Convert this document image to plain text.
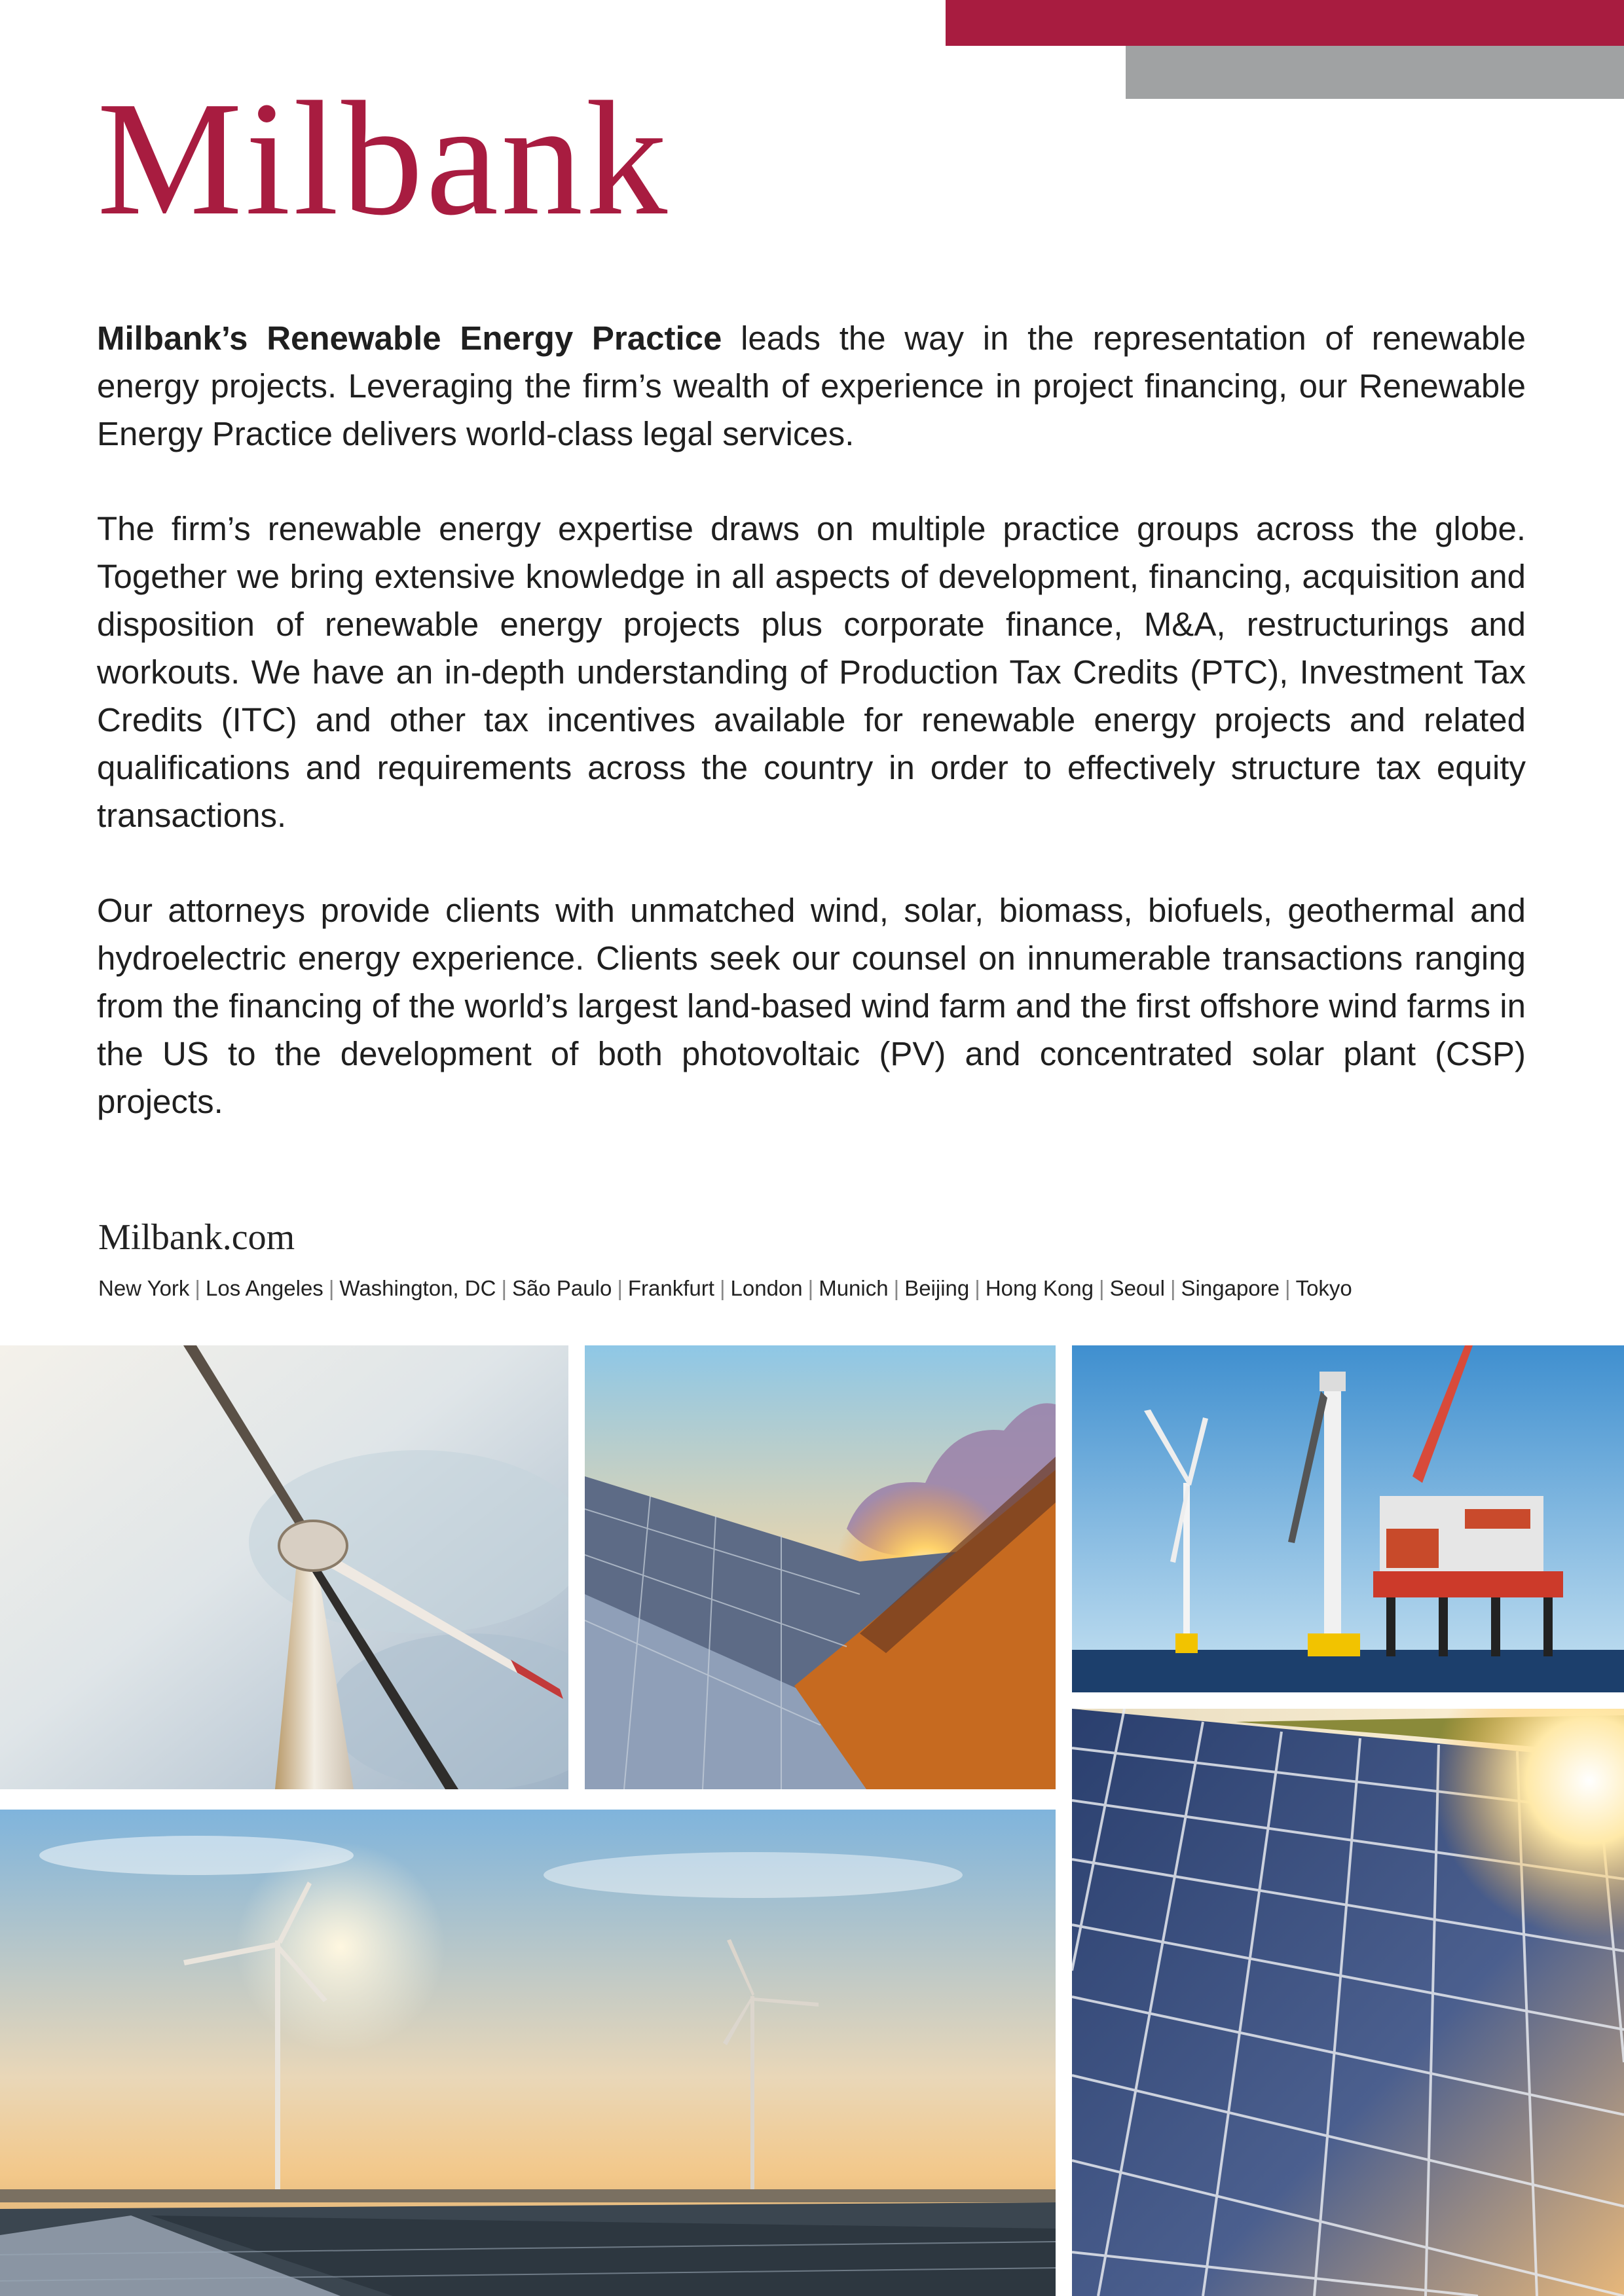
Milbank

Milbank’s Renewable Energy Practice leads the way in the representation of renewable energy projects. Leveraging the firm’s wealth of experience in project financing, our Renewable Energy Practice delivers world-class legal services.

The firm’s renewable energy expertise draws on multiple practice groups across the globe. Together we bring extensive knowledge in all aspects of development, financing, acquisition and disposition of renewable energy projects plus corporate finance, M&A, restructurings and workouts. We have an in-depth understanding of Production Tax Credits (PTC), Investment Tax Credits (ITC) and other tax incentives available for renewable energy projects and related qualifications and requirements across the country in order to effectively structure tax equity transactions.

Our attorneys provide clients with unmatched wind, solar, biomass, biofuels, geothermal and hydroelectric energy experience. Clients seek our counsel on innumerable transactions ranging from the financing of the world’s largest land-based wind farm and the first offshore wind farms in the US to the development of both photovoltaic (PV) and concentrated solar plant (CSP) projects.

Milbank.com

New York | Los Angeles | Washington, DC | São Paulo | Frankfurt | London | Munich | Beijing | Hong Kong | Seoul | Singapore | Tokyo
